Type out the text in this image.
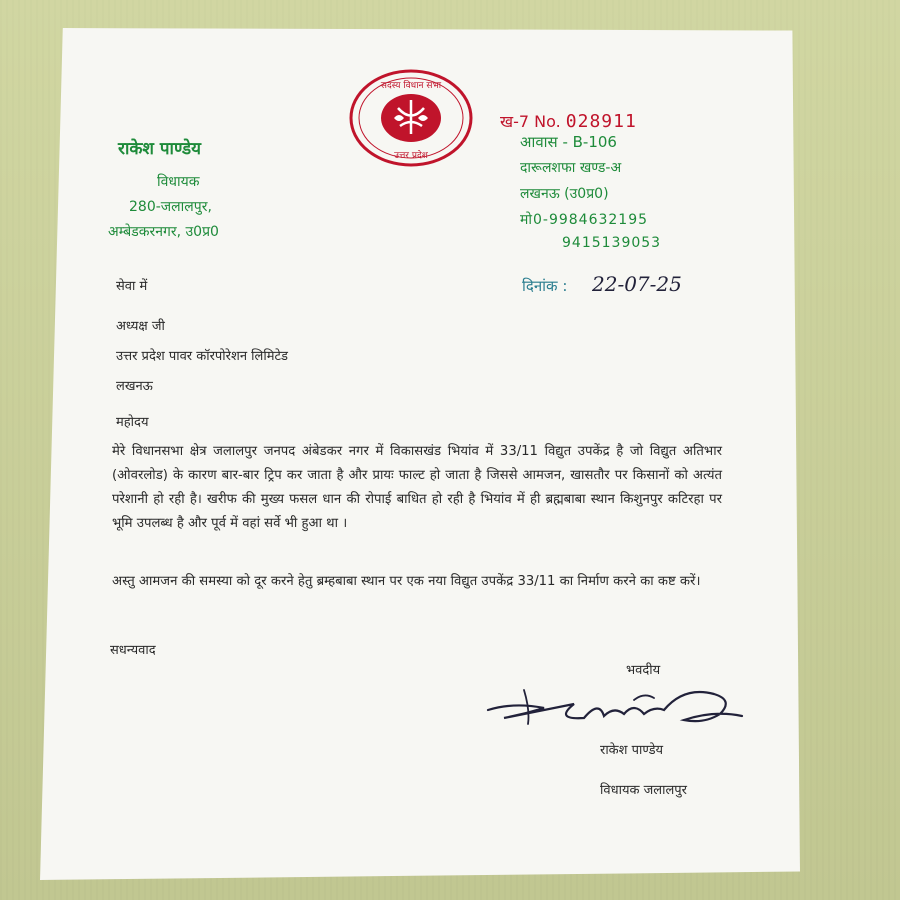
राकेश पाण्डेय
विधायक
280-जलालपुर,
अम्बेडकरनगर, उ0प्र0
सदस्य विधान सभा
उत्तर प्रदेश
ख-7 No. 028911
आवास - B-106
दारूलशफा खण्ड-अ
लखनऊ (उ0प्र0)
मो0-9984632195
9415139053
दिनांक : 22-07-25
सेवा में
अध्यक्ष जी
उत्तर प्रदेश पावर कॉरपोरेशन लिमिटेड
लखनऊ
महोदय
मेरे विधानसभा क्षेत्र जलालपुर जनपद अंबेडकर नगर में विकासखंड भियांव में 33/11 विद्युत उपकेंद्र है जो विद्युत अतिभार (ओवरलोड) के कारण बार-बार ट्रिप कर जाता है और प्रायः फाल्ट हो जाता है जिससे आमजन, खासतौर पर किसानों को अत्यंत परेशानी हो रही है। खरीफ की मुख्य फसल धान की रोपाई बाधित हो रही है भियांव में ही ब्रह्मबाबा स्थान किशुनपुर कटिरहा पर भूमि उपलब्ध है और पूर्व में वहां सर्वे भी हुआ था ।
अस्तु आमजन की समस्या को दूर करने हेतु ब्रम्हबाबा स्थान पर एक नया विद्युत उपकेंद्र 33/11 का निर्माण करने का कष्ट करें।
सधन्यवाद
भवदीय
राकेश पाण्डेय
विधायक जलालपुर
